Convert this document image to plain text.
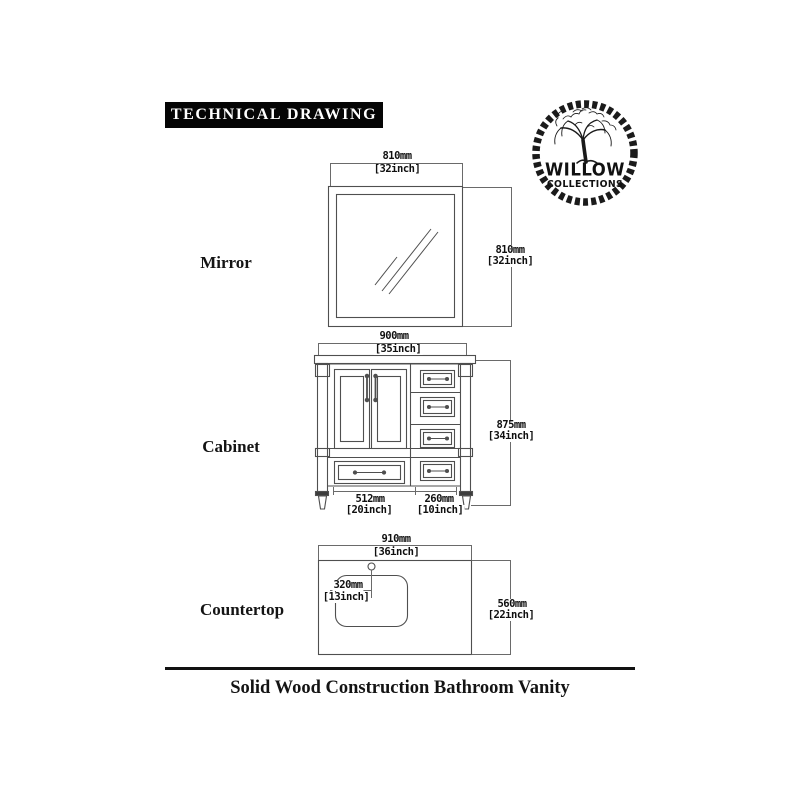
TECHNICAL DRAWING
WILLOW
COLLECTIONS
Mirror
Cabinet
Countertop
810mm
[32inch]
810mm
[32inch]
900mm
[35inch]
875mm
[34inch]
512mm
[20inch]
260mm
[10inch]
910mm
[36inch]
560mm
[22inch]
320mm
[13inch]
Solid Wood Construction Bathroom Vanity
